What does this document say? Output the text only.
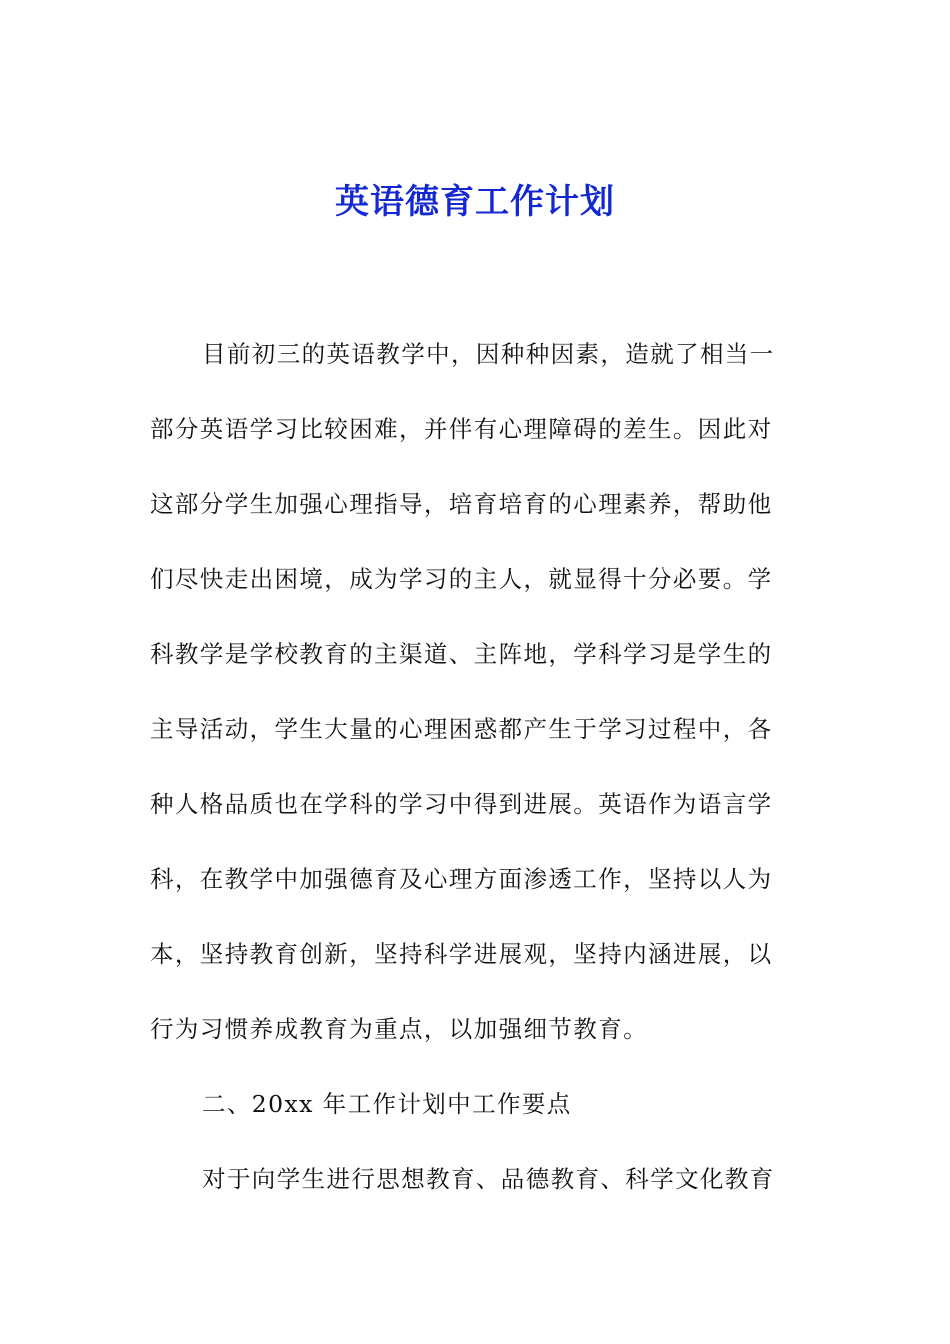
英语德育工作计划
目前初三的英语教学中，因种种因素，造就了相当一
部分英语学习比较困难，并伴有心理障碍的差生。因此对
这部分学生加强心理指导，培育培育的心理素养，帮助他
们尽快走出困境，成为学习的主人，就显得十分必要。学
科教学是学校教育的主渠道、主阵地，学科学习是学生的
主导活动，学生大量的心理困惑都产生于学习过程中，各
种人格品质也在学科的学习中得到进展。英语作为语言学
科，在教学中加强德育及心理方面渗透工作，坚持以人为
本，坚持教育创新，坚持科学进展观，坚持内涵进展，以
行为习惯养成教育为重点，以加强细节教育。
二、20xx 年工作计划中工作要点
对于向学生进行思想教育、品德教育、科学文化教育
